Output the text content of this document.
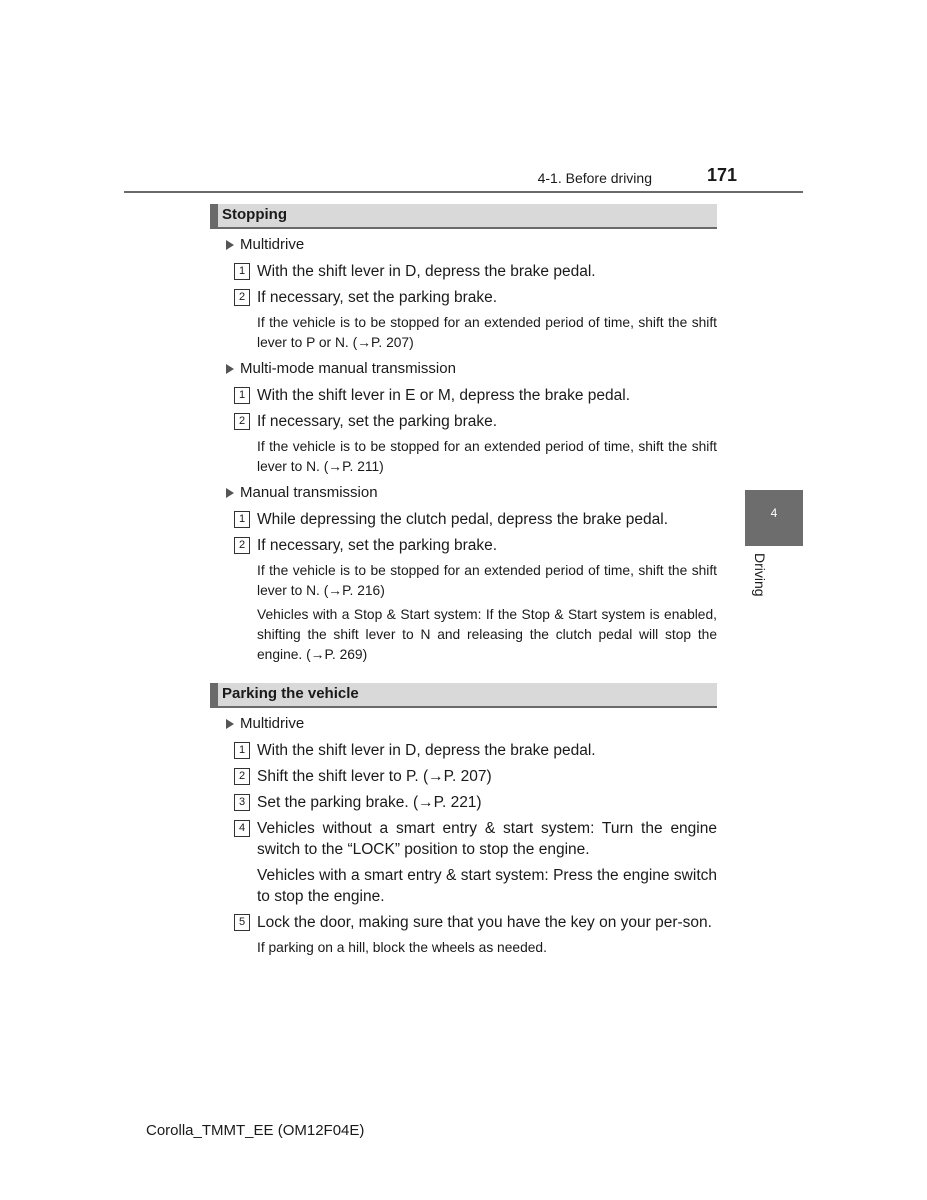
4-1. Before driving	171
4
Driving
Stopping
Multidrive
1 With the shift lever in D, depress the brake pedal.
2 If necessary, set the parking brake.
If the vehicle is to be stopped for an extended period of time, shift the shift lever to P or N. (→P. 207)
Multi-mode manual transmission
1 With the shift lever in E or M, depress the brake pedal.
2 If necessary, set the parking brake.
If the vehicle is to be stopped for an extended period of time, shift the shift lever to N. (→P. 211)
Manual transmission
1 While depressing the clutch pedal, depress the brake pedal.
2 If necessary, set the parking brake.
If the vehicle is to be stopped for an extended period of time, shift the shift lever to N. (→P. 216)
Vehicles with a Stop & Start system: If the Stop & Start system is enabled, shifting the shift lever to N and releasing the clutch pedal will stop the engine. (→P. 269)
Parking the vehicle
Multidrive
1 With the shift lever in D, depress the brake pedal.
2 Shift the shift lever to P. (→P. 207)
3 Set the parking brake. (→P. 221)
4 Vehicles without a smart entry & start system: Turn the engine switch to the “LOCK” position to stop the engine.
Vehicles with a smart entry & start system: Press the engine switch to stop the engine.
5 Lock the door, making sure that you have the key on your per-son.
If parking on a hill, block the wheels as needed.
Corolla_TMMT_EE (OM12F04E)
